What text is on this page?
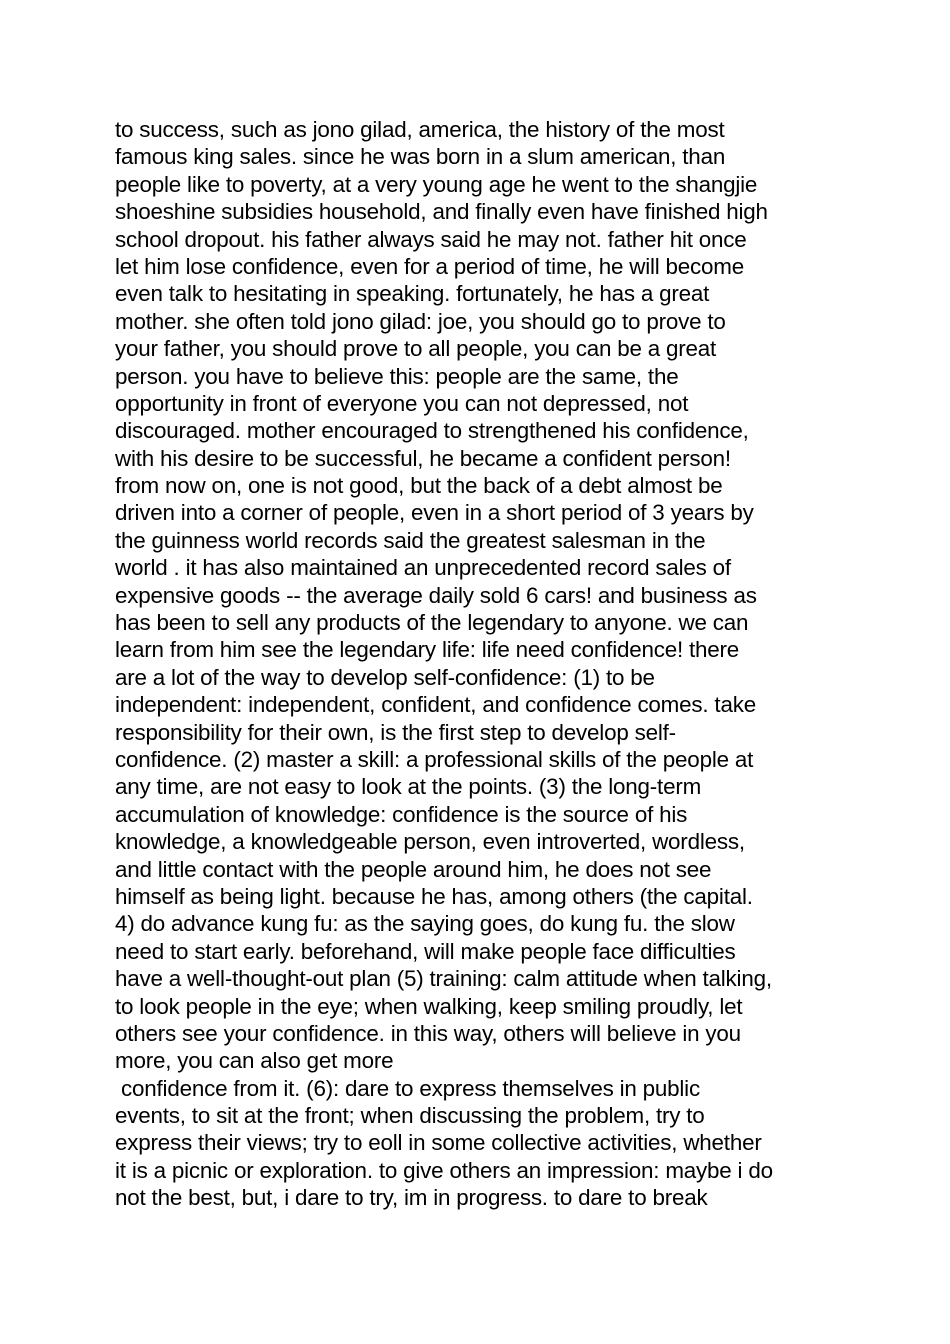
to success, such as jono gilad, america, the history of the most
famous king sales. since he was born in a slum american, than
people like to poverty, at a very young age he went to the shangjie
shoeshine subsidies household, and finally even have finished high
school dropout. his father always said he may not. father hit once
let him lose confidence, even for a period of time, he will become
even talk to hesitating in speaking. fortunately, he has a great
mother. she often told jono gilad: joe, you should go to prove to
your father, you should prove to all people, you can be a great
person. you have to believe this: people are the same, the
opportunity in front of everyone you can not depressed, not
discouraged. mother encouraged to strengthened his confidence,
with his desire to be successful, he became a confident person!
from now on, one is not good, but the back of a debt almost be
driven into a corner of people, even in a short period of 3 years by
the guinness world records said the greatest salesman in the
world . it has also maintained an unprecedented record sales of
expensive goods -- the average daily sold 6 cars! and business as
has been to sell any products of the legendary to anyone. we can
learn from him see the legendary life: life need confidence! there
are a lot of the way to develop self-confidence: (1) to be
independent: independent, confident, and confidence comes. take
responsibility for their own, is the first step to develop self-
confidence. (2) master a skill: a professional skills of the people at
any time, are not easy to look at the points. (3) the long-term
accumulation of knowledge: confidence is the source of his
knowledge, a knowledgeable person, even introverted, wordless,
and little contact with the people around him, he does not see
himself as being light. because he has, among others (the capital.
4) do advance kung fu: as the saying goes, do kung fu. the slow
need to start early. beforehand, will make people face difficulties
have a well-thought-out plan (5) training: calm attitude when talking,
to look people in the eye; when walking, keep smiling proudly, let
others see your confidence. in this way, others will believe in you
more, you can also get more
confidence from it. (6): dare to express themselves in public
events, to sit at the front; when discussing the problem, try to
express their views; try to eoll in some collective activities, whether
it is a picnic or exploration. to give others an impression: maybe i do
not the best, but, i dare to try, im in progress. to dare to break
